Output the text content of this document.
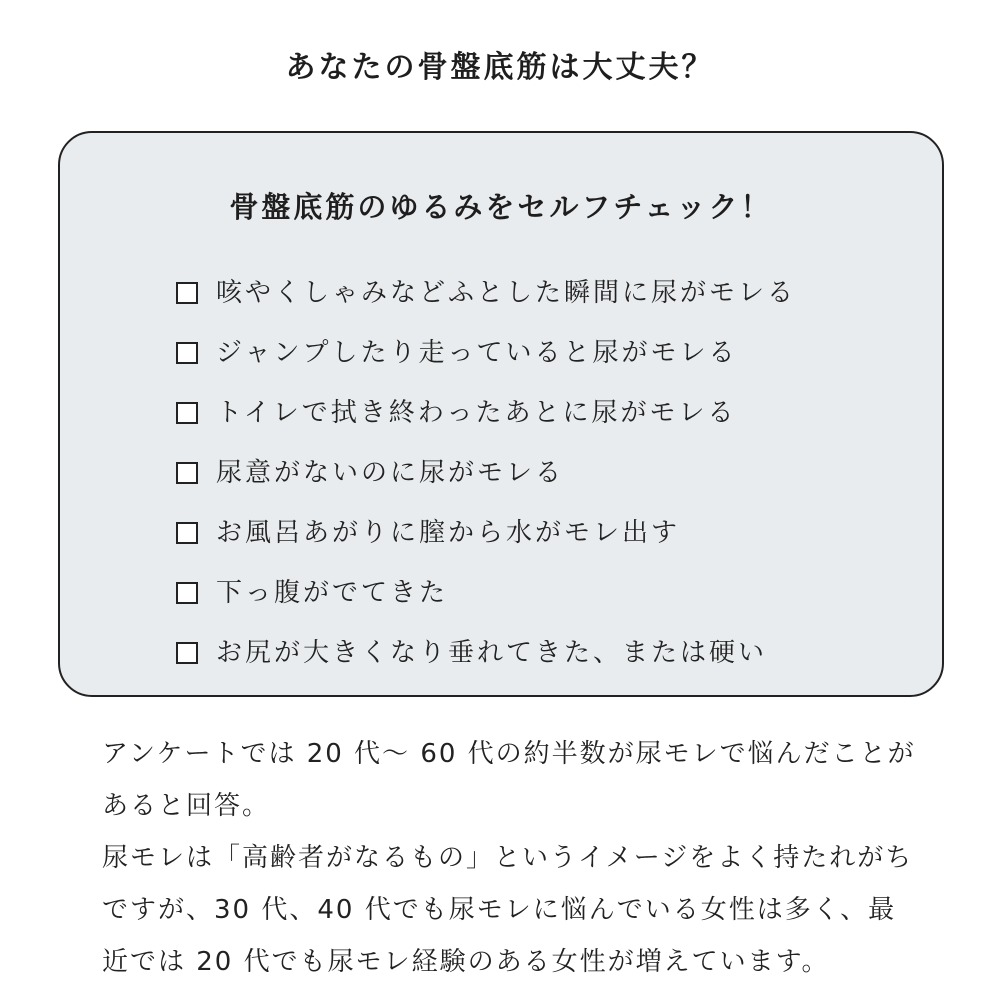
あなたの骨盤底筋は大丈夫？
骨盤底筋のゆるみをセルフチェック！
咳やくしゃみなどふとした瞬間に尿がモレる
ジャンプしたり走っていると尿がモレる
トイレで拭き終わったあとに尿がモレる
尿意がないのに尿がモレる
お風呂あがりに膣から水がモレ出す
下っ腹がでてきた
お尻が大きくなり垂れてきた、または硬い

アンケートでは 20 代〜 60 代の約半数が尿モレで悩んだことがあると回答。

尿モレは「高齢者がなるもの」というイメージをよく持たれがちですが、30 代、40 代でも尿モレに悩んでいる女性は多く、最近では 20 代でも尿モレ経験のある女性が増えています。
